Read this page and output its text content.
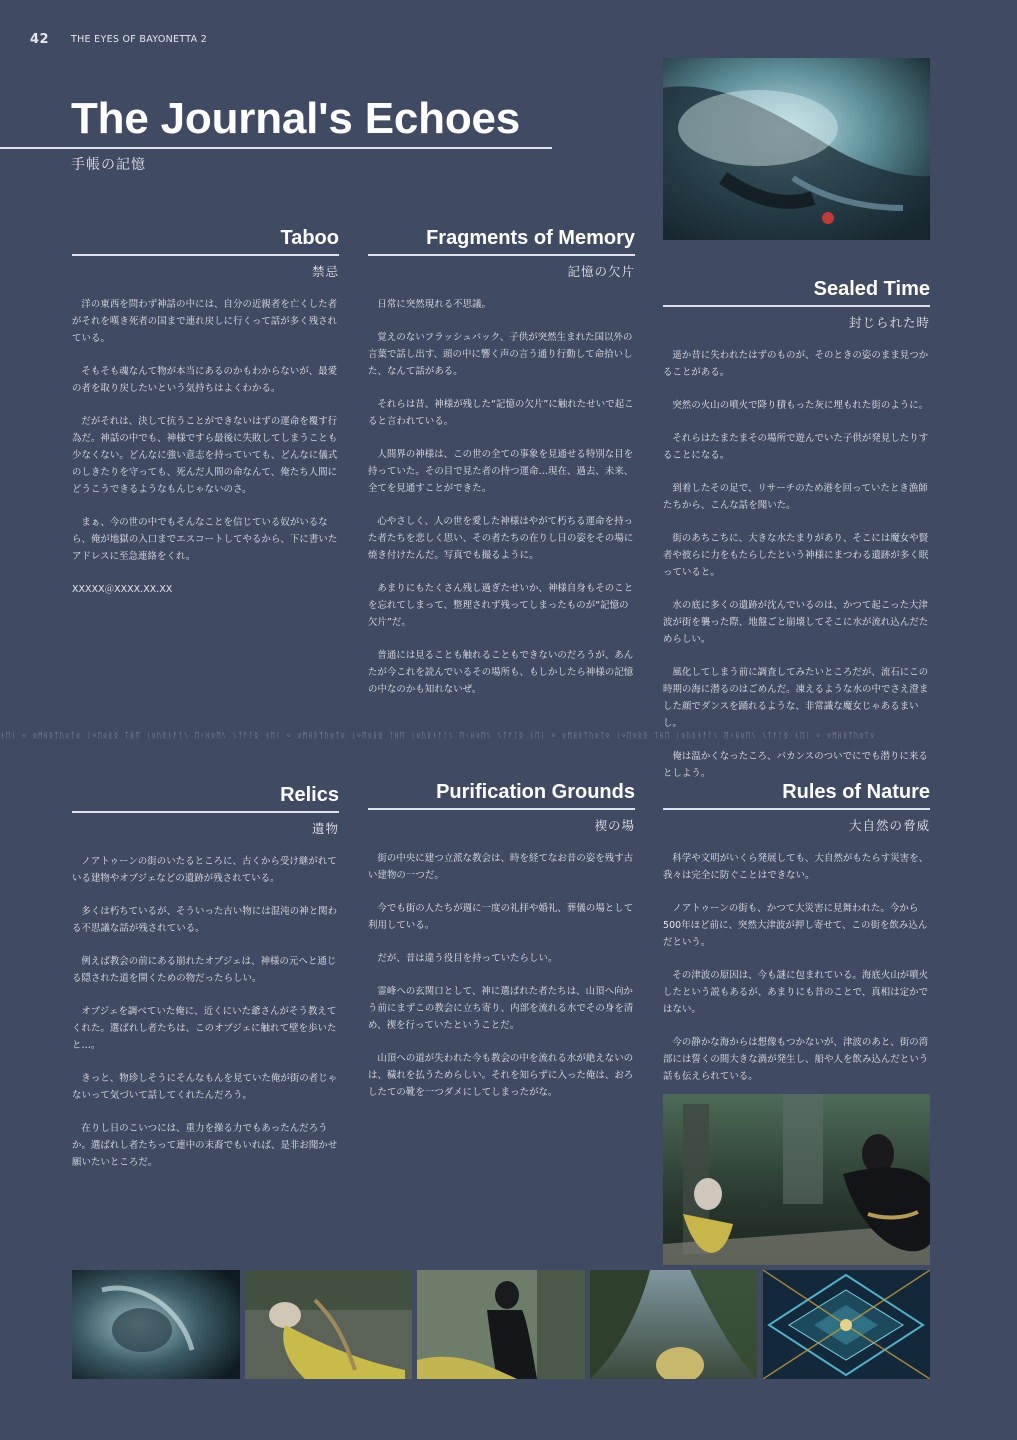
42 THE EYES OF BAYONETTA 2
The Journal's Echoes
手帳の記憶
Taboo
禁忌

洋の東西を問わず神話の中には、自分の近親者を亡くした者がそれを嘆き死者の国まで連れ戻しに行くって話が多く残されている。

そもそも魂なんて物が本当にあるのかもわからないが、最愛の者を取り戻したいという気持ちはよくわかる。

だがそれは、決して抗うことができないはずの運命を覆す行為だ。神話の中でも、神様ですら最後に失敗してしまうことも少なくない。どんなに強い意志を持っていても、どんなに儀式のしきたりを守っても、死んだ人間の命なんて、俺たち人間にどうこうできるようなもんじゃないのさ。

まぁ、今の世の中でもそんなことを信じている奴がいるなら、俺が地獄の入口までエスコートしてやるから、下に書いたアドレスに至急連絡をくれ。

XXXXX＠XXXX.XX.XX

Fragments of Memory
記憶の欠片

日常に突然現れる不思議。

覚えのないフラッシュバック、子供が突然生まれた国以外の言葉で話し出す、頭の中に響く声の言う通り行動して命拾いした、なんて話がある。

それらは昔、神様が残した“記憶の欠片”に触れたせいで起こると言われている。

人間界の神様は、この世の全ての事象を見通せる特別な目を持っていた。その目で見た者の持つ運命…現在、過去、未来、全てを見通すことができた。

心やさしく、人の世を愛した神様はやがて朽ちる運命を持った者たちを悲しく思い、その者たちの在りし日の姿をその場に焼き付けたんだ。写真でも撮るように。

あまりにもたくさん残し過ぎたせいか、神様自身もそのことを忘れてしまって、整理されず残ってしまったものが“記憶の欠片”だ。

普通には見ることも触れることもできないのだろうが、あんたが今これを読んでいるその場所も、もしかしたら神様の記憶の中なのかも知れないぜ。

Sealed Time
封じられた時

遥か昔に失われたはずのものが、そのときの姿のまま見つかることがある。

突然の火山の噴火で降り積もった灰に埋もれた街のように。

それらはたまたまその場所で遊んでいた子供が発見したりすることになる。

到着したその足で、リサーチのため港を回っていたとき漁師たちから、こんな話を聞いた。

街のあちこちに、大きな水たまりがあり、そこには魔女や賢者や彼らに力をもたらしたという神様にまつわる遺跡が多く眠っていると。

水の底に多くの遺跡が沈んでいるのは、かつて起こった大津波が街を襲った際、地盤ごと崩壊してそこに水が流れ込んだためらしい。

風化してしまう前に調査してみたいところだが、流石にこの時期の海に潜るのはごめんだ。凍えるような水の中でさえ澄ました顔でダンスを踊れるような、非常識な魔女じゃあるまいし。

俺は温かくなったころ、バカンスのついでにでも潜りに来るとしよう。

ᚾᛖᛁ ᛜ ᛟᛗᚺᚱᛉᚢᛟᛏᛟ ᛁᛜᛖᛟᚱᛝ ᛏᚺᛖ ᛁᛟᚢᚱᚾᚨᛚᛊ ᛖᚲᚺᛟᛖᛊ ᛊᛏᚨᛚᛝ ᚾᛖᛁ ᛜ ᛟᛗᚺᚱᛉᚢᛟᛏᛟ ᛁᛜᛖᛟᚱᛝ ᛏᚺᛖ ᛁᛟᚢᚱᚾᚨᛚᛊ ᛖᚲᚺᛟᛖᛊ ᛊᛏᚨᛚᛝ ᚾᛖᛁ ᛜ ᛟᛗᚺᚱᛉᚢᛟᛏᛟ ᛁᛜᛖᛟᚱᛝ ᛏᚺᛖ ᛁᛟᚢᚱᚾᚨᛚᛊ ᛖᚲᚺᛟᛖᛊ ᛊᛏᚨᛚᛝ ᚾᛖᛁ ᛜ ᛟᛗᚺᚱᛉᚢᛟᛏᛟ
Relics
遺物

ノアトゥーンの街のいたるところに、古くから受け継がれている建物やオブジェなどの遺跡が残されている。

多くは朽ちているが、そういった古い物には混沌の神と関わる不思議な話が残されている。

例えば教会の前にある崩れたオブジェは、神様の元へと通じる隠された道を開くための物だったらしい。

オブジェを調べていた俺に、近くにいた爺さんがそう教えてくれた。選ばれし者たちは、このオブジェに触れて壁を歩いたと…。

きっと、物珍しそうにそんなもんを見ていた俺が街の者じゃないって気づいて話してくれたんだろう。

在りし日のこいつには、重力を操る力でもあったんだろうか。選ばれし者たちって連中の末裔でもいれば、是非お聞かせ願いたいところだ。

Purification Grounds
禊の場

街の中央に建つ立派な教会は、時を経てなお昔の姿を残す古い建物の一つだ。

今でも街の人たちが週に一度の礼拝や婚礼、葬儀の場として利用している。

だが、昔は違う役目を持っていたらしい。

霊峰への玄関口として、神に選ばれた者たちは、山頂へ向かう前にまずこの教会に立ち寄り、内部を流れる水でその身を清め、禊を行っていたということだ。

山頂への道が失われた今も教会の中を流れる水が絶えないのは、穢れを払うためらしい。それを知らずに入った俺は、おろしたての靴を一つダメにしてしまったがな。

Rules of Nature
大自然の脅威

科学や文明がいくら発展しても、大自然がもたらす災害を、我々は完全に防ぐことはできない。

ノアトゥーンの街も、かつて大災害に見舞われた。今から500年ほど前に、突然大津波が押し寄せて、この街を飲み込んだという。

その津波の原因は、今も謎に包まれている。海底火山が噴火したという説もあるが、あまりにも昔のことで、真相は定かではない。

今の静かな海からは想像もつかないが、津波のあと、街の湾部には誓くの間大きな渦が発生し、船や人を飲み込んだという話も伝えられている。
